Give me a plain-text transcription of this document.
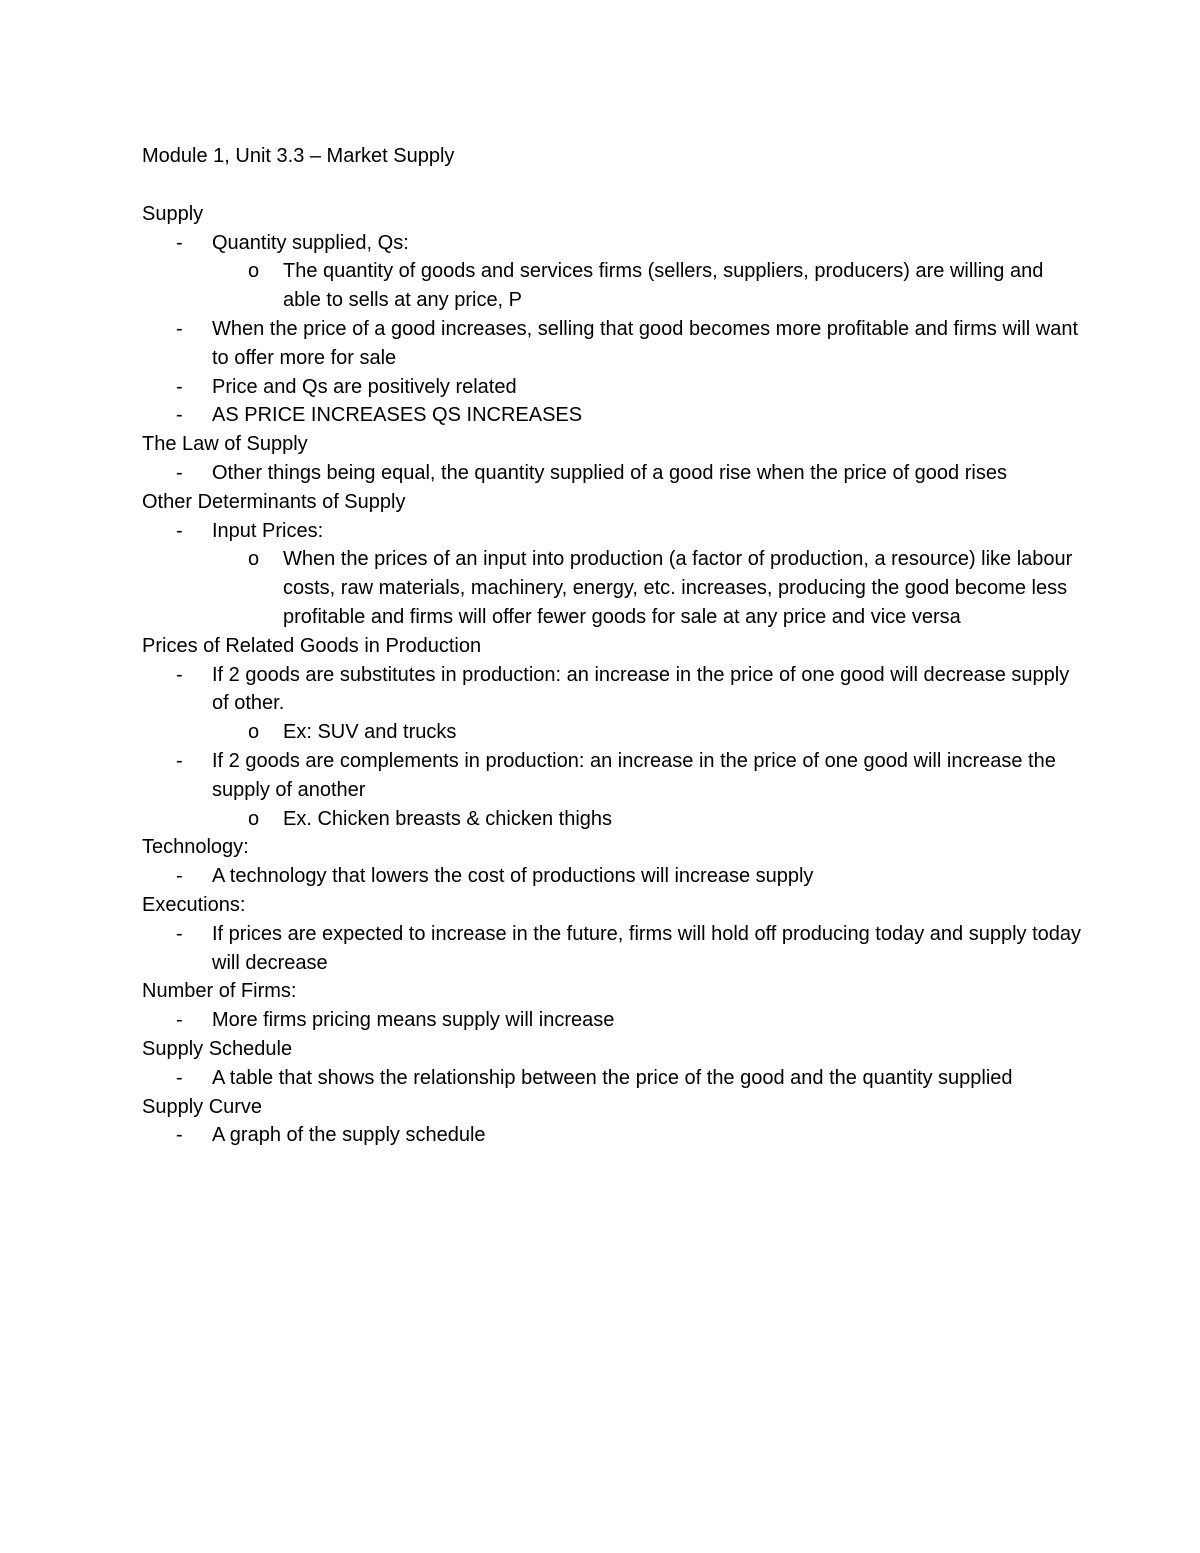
Module 1, Unit 3.3 – Market Supply
Supply
- Quantity supplied, Qs:
o The quantity of goods and services firms (sellers, suppliers, producers) are willing and able to sells at any price, P
- When the price of a good increases, selling that good becomes more profitable and firms will want to offer more for sale
- Price and Qs are positively related
- AS PRICE INCREASES QS INCREASES
The Law of Supply
- Other things being equal, the quantity supplied of a good rise when the price of good rises
Other Determinants of Supply
- Input Prices:
o When the prices of an input into production (a factor of production, a resource) like labour costs, raw materials, machinery, energy, etc. increases, producing the good become less profitable and firms will offer fewer goods for sale at any price and vice versa
Prices of Related Goods in Production
- If 2 goods are substitutes in production: an increase in the price of one good will decrease supply of other.
o Ex: SUV and trucks
- If 2 goods are complements in production: an increase in the price of one good will increase the supply of another
o Ex. Chicken breasts & chicken thighs
Technology:
- A technology that lowers the cost of productions will increase supply
Executions:
- If prices are expected to increase in the future, firms will hold off producing today and supply today will decrease
Number of Firms:
- More firms pricing means supply will increase
Supply Schedule
- A table that shows the relationship between the price of the good and the quantity supplied
Supply Curve
- A graph of the supply schedule
